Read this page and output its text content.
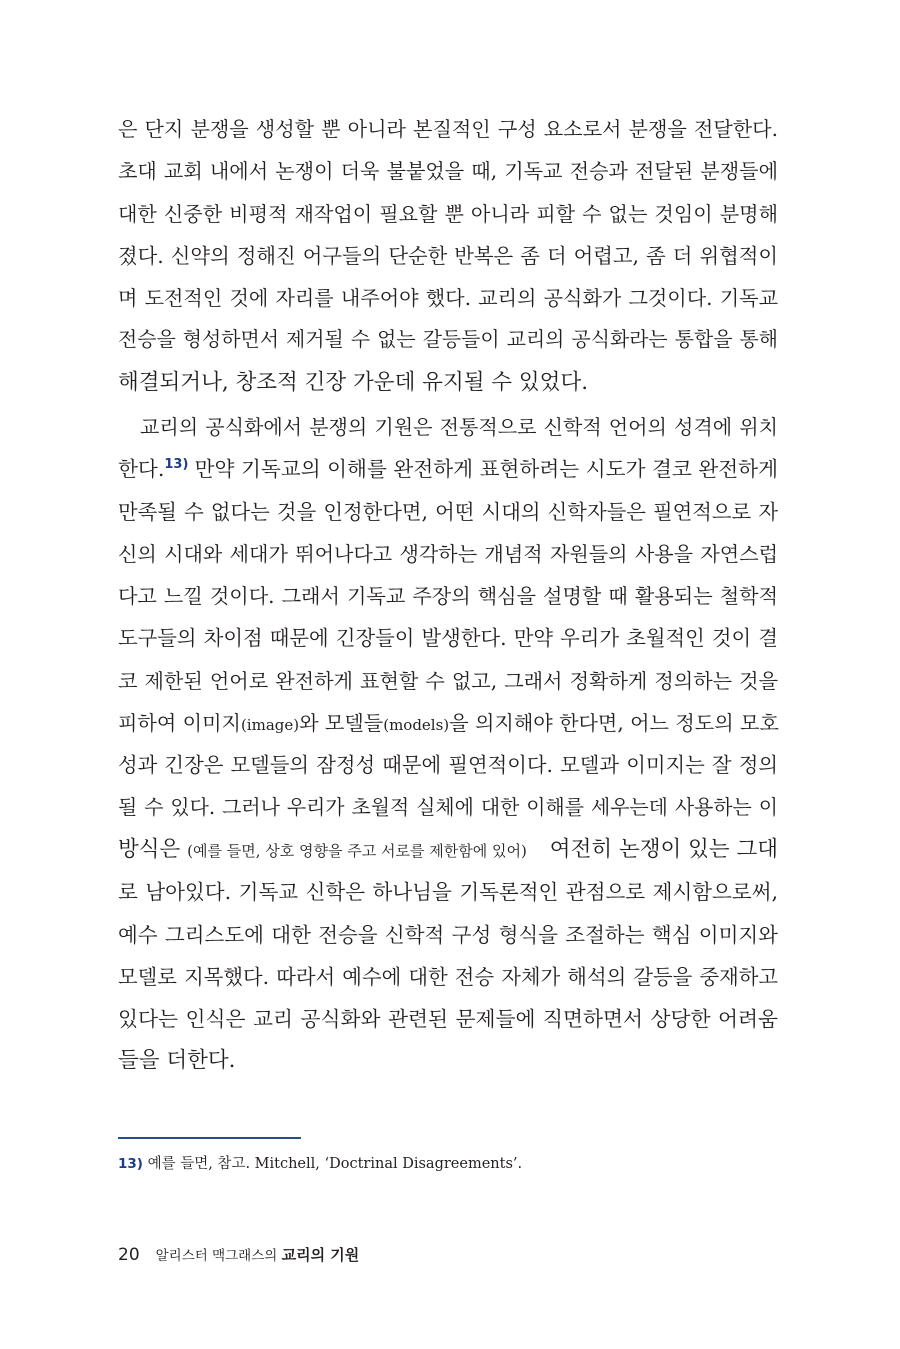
은 단지 분쟁을 생성할 뿐 아니라 본질적인 구성 요소로서 분쟁을 전달한다.
초대 교회 내에서 논쟁이 더욱 불붙었을 때, 기독교 전승과 전달된 분쟁들에
대한 신중한 비평적 재작업이 필요할 뿐 아니라 피할 수 없는 것임이 분명해
졌다. 신약의 정해진 어구들의 단순한 반복은 좀 더 어렵고, 좀 더 위협적이
며 도전적인 것에 자리를 내주어야 했다. 교리의 공식화가 그것이다. 기독교
전승을 형성하면서 제거될 수 없는 갈등들이 교리의 공식화라는 통합을 통해
해결되거나, 창조적 긴장 가운데 유지될 수 있었다.
교리의 공식화에서 분쟁의 기원은 전통적으로 신학적 언어의 성격에 위치
한다.$^{13)}$ 만약 기독교의 이해를 완전하게 표현하려는 시도가 결코 완전하게
만족될 수 없다는 것을 인정한다면, 어떤 시대의 신학자들은 필연적으로 자
신의 시대와 세대가 뛰어나다고 생각하는 개념적 자원들의 사용을 자연스럽
다고 느낄 것이다. 그래서 기독교 주장의 핵심을 설명할 때 활용되는 철학적
도구들의 차이점 때문에 긴장들이 발생한다. 만약 우리가 초월적인 것이 결
코 제한된 언어로 완전하게 표현할 수 없고, 그래서 정확하게 정의하는 것을
피하여 이미지(image)와 모델들(models) 을 의지해야 한다면, 어느 정도의 모호
성과 긴장은 모델들의 잠정성 때문에 필연적이다. 모델과 이미지는 잘 정의
될 수 있다. 그러나 우리가 초월적 실체에 대한 이해를 세우는데 사용하는 이
방식은 (예를 들면, 상호 영향을 주고 서로를 제한함에 있어) 여전히 논쟁이 있는 그대
로 남아있다. 기독교 신학은 하나님을 기독론적인 관점으로 제시함으로써,
예수 그리스도에 대한 전승을 신학적 구성 형식을 조절하는 핵심 이미지와
모델로 지목했다. 따라서 예수에 대한 전승 자체가 해석의 갈등을 중재하고
있다는 인식은 교리 공식화와 관련된 문제들에 직면하면서 상당한 어려움
들을 더한다.
13) 예를 들면, 참고. Mitchell, ‘Doctrinal Disagreements’.
20 알리스터 맥그래스의 교리의 기원
